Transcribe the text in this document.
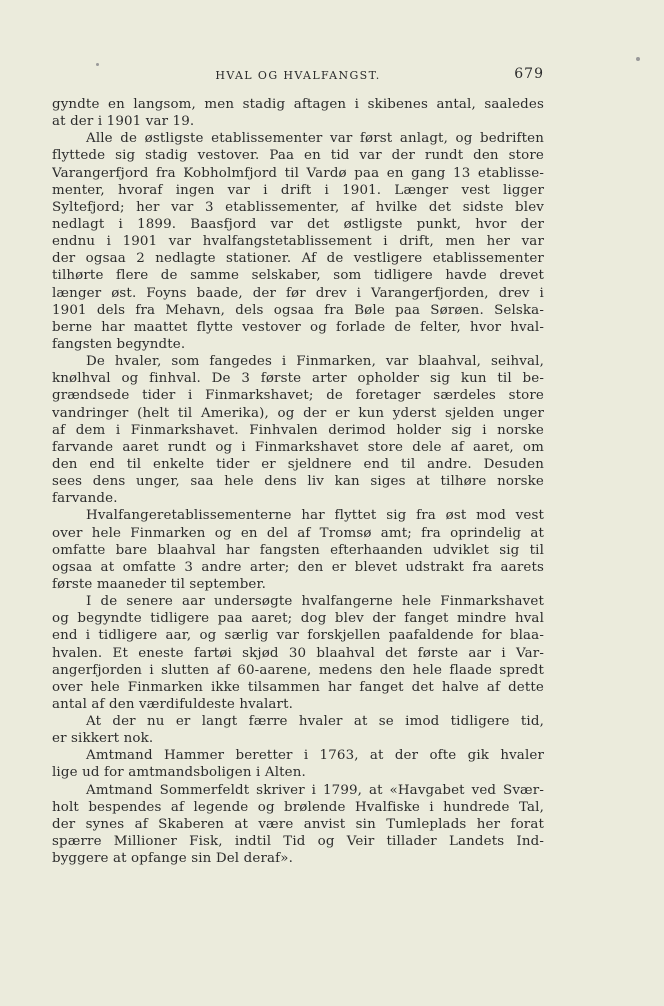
HVAL OG HVALFANGST.	679
gyndte en langsom, men stadig aftagen i skibenes antal, saaledes
at der i 1901 var 19.
Alle de østligste etablissementer var først anlagt, og bedriften
flyttede sig stadig vestover. Paa en tid var der rundt den store
Varangerfjord fra Kobholmfjord til Vardø paa en gang 13 etablisse-
menter, hvoraf ingen var i drift i 1901. Længer vest ligger
Syltefjord; her var 3 etablissementer, af hvilke det sidste blev
nedlagt i 1899. Baasfjord var det østligste punkt, hvor der
endnu i 1901 var hvalfangstetablissement i drift, men her var
der ogsaa 2 nedlagte stationer. Af de vestligere etablissementer
tilhørte flere de samme selskaber, som tidligere havde drevet
længer øst. Foyns baade, der før drev i Varangerfjorden, drev i
1901 dels fra Mehavn, dels ogsaa fra Bøle paa Sørøen. Selska-
berne har maattet flytte vestover og forlade de felter, hvor hval-
fangsten begyndte.
De hvaler, som fangedes i Finmarken, var blaahval, seihval,
knølhval og finhval. De 3 første arter opholder sig kun til be-
grændsede tider i Finmarkshavet; de foretager særdeles store
vandringer (helt til Amerika), og der er kun yderst sjelden unger
af dem i Finmarkshavet. Finhvalen derimod holder sig i norske
farvande aaret rundt og i Finmarkshavet store dele af aaret, om
den end til enkelte tider er sjeldnere end til andre. Desuden
sees dens unger, saa hele dens liv kan siges at tilhøre norske
farvande.
Hvalfangeretablissementerne har flyttet sig fra øst mod vest
over hele Finmarken og en del af Tromsø amt; fra oprindelig at
omfatte bare blaahval har fangsten efterhaanden udviklet sig til
ogsaa at omfatte 3 andre arter; den er blevet udstrakt fra aarets
første maaneder til september.
I de senere aar undersøgte hvalfangerne hele Finmarkshavet
og begyndte tidligere paa aaret; dog blev der fanget mindre hval
end i tidligere aar, og særlig var forskjellen paafaldende for blaa-
hvalen. Et eneste fartøi skjød 30 blaahval det første aar i Var-
angerfjorden i slutten af 60-aarene, medens den hele flaade spredt
over hele Finmarken ikke tilsammen har fanget det halve af dette
antal af den værdifuldeste hvalart.
At der nu er langt færre hvaler at se imod tidligere tid,
er sikkert nok.
Amtmand Hammer beretter i 1763, at der ofte gik hvaler
lige ud for amtmandsboligen i Alten.
Amtmand Sommerfeldt skriver i 1799, at «Havgabet ved Svær-
holt bespendes af legende og brølende Hvalfiske i hundrede Tal,
der synes af Skaberen at være anvist sin Tumleplads her forat
spærre Millioner Fisk, indtil Tid og Veir tillader Landets Ind-
byggere at opfange sin Del deraf».
